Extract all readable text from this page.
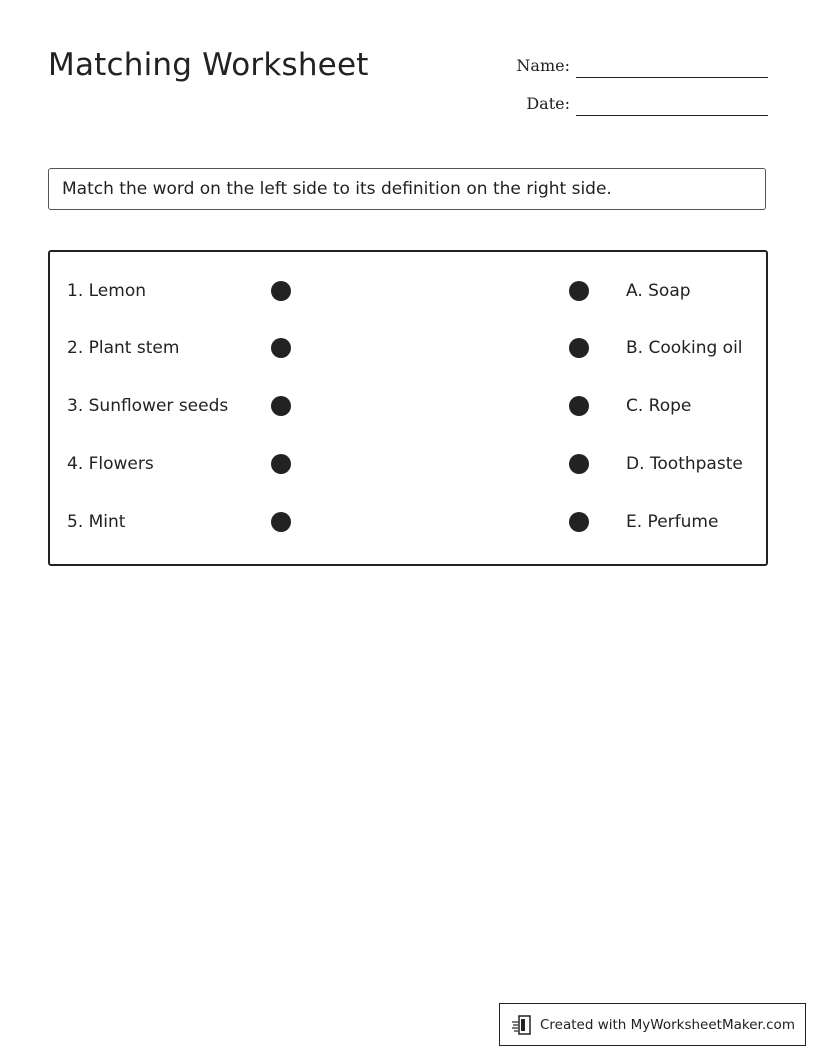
Matching Worksheet	Name:
Date:
Match the word on the left side to its definition on the right side.
1. Lemon	A. Soap
2. Plant stem	B. Cooking oil
3. Sunflower seeds	C. Rope
4. Flowers	D. Toothpaste
5. Mint	E. Perfume
Created with MyWorksheetMaker.com
